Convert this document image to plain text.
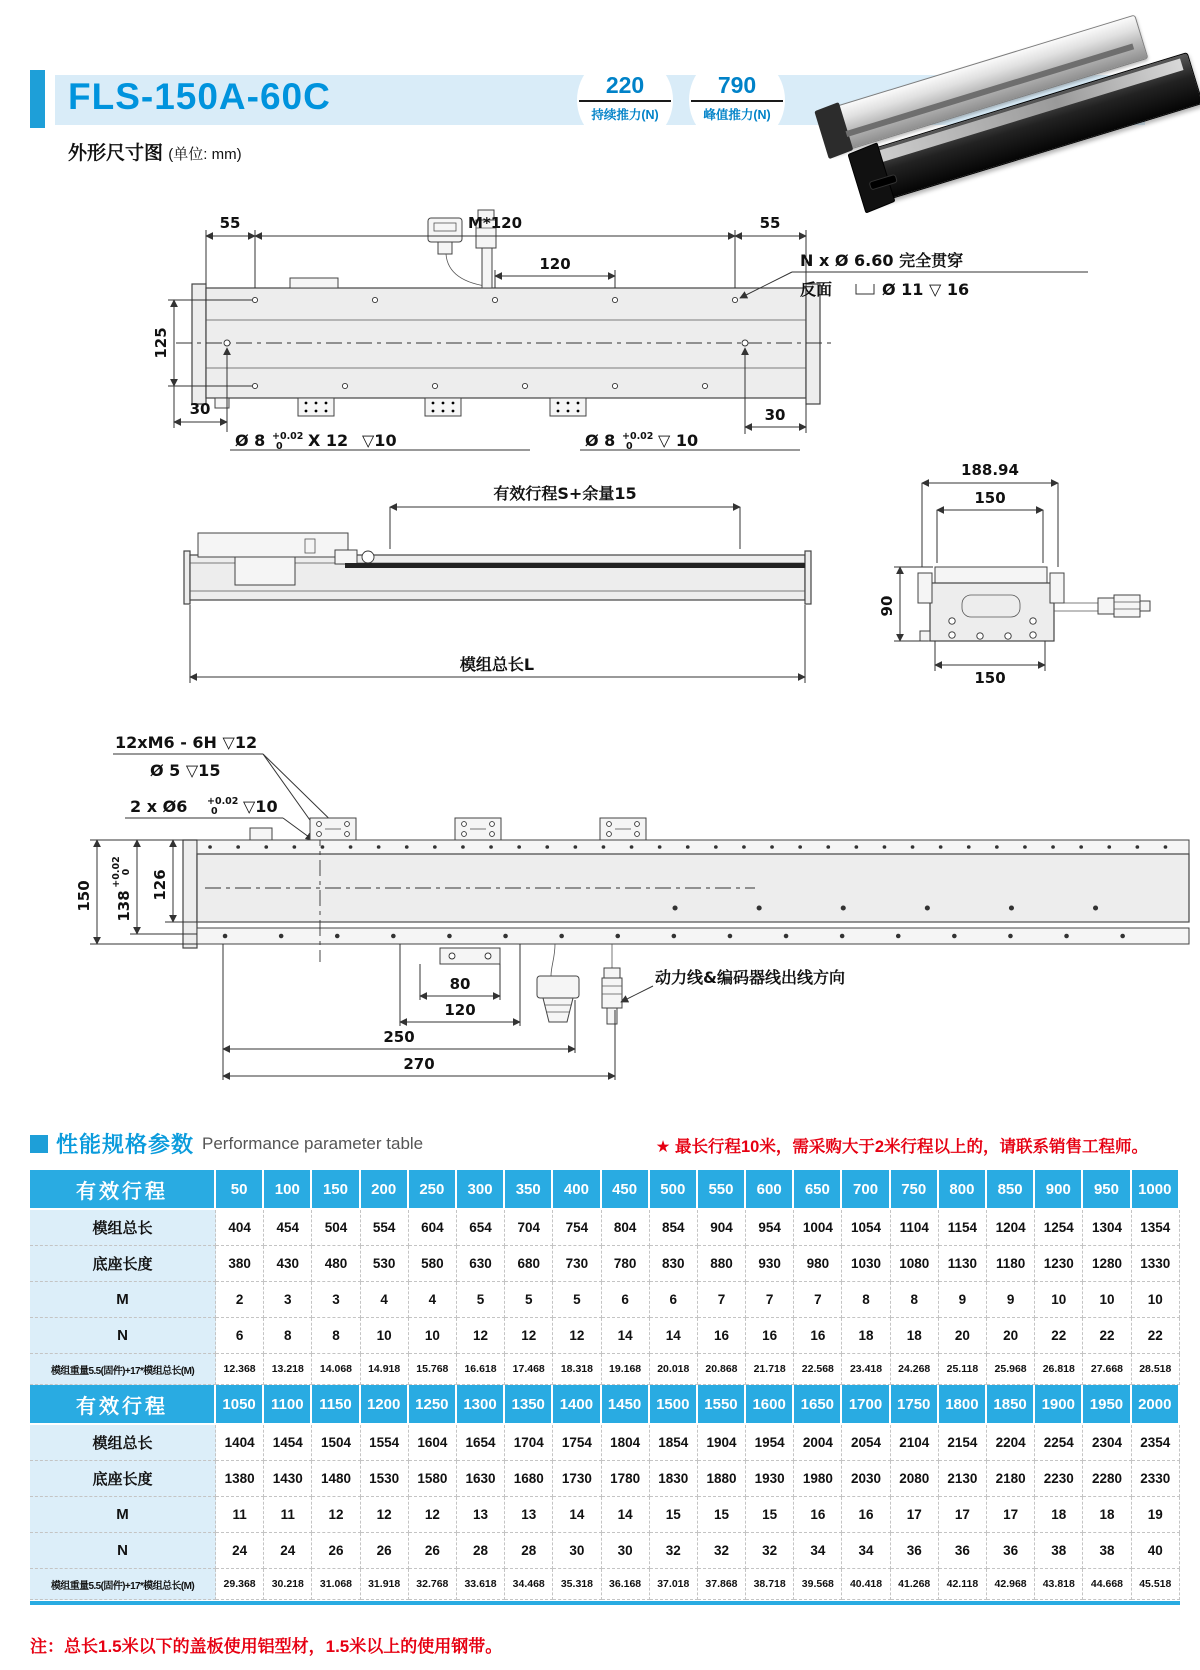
FLS-150A-60C	220
持续推力(N)
790
峰值推力(N)
外形尺寸图 (单位: mm)
55	M*120	55
120
125
30	30
N x Ø 6.60 完全贯穿
反面	Ø 11 ▽ 16
Ø 8 +0.02
0 X 12 ▽10	Ø 8 +0.02
0 ▽ 10
有效行程S+余量15
模组总长L
188.94
150
90
150
12xM6 - 6H ▽12
Ø 5 ▽15
2 x Ø6 +0.02
0 ▽10
150 138
+0.02 0 126
动力线&编码器线出线方向
80
120
250
270
性能规格参数 Performance parameter table	★ 最长行程10米，需采购大于2米行程以上的，请联系销售工程师。
有效行程	50	100	150	200	250	300	350	400	450	500	550	600	650	700	750	800	850	900	950	1000
模组总长	404	454	504	554	604	654	704	754	804	854	904	954	1004	1054	1104	1154	1204	1254	1304	1354
底座长度	380	430	480	530	580	630	680	730	780	830	880	930	980	1030	1080	1130	1180	1230	1280	1330
M	2	3	3	4	4	5	5	5	6	6	7	7	7	8	8	9	9	10	10	10
N	6	8	8	10	10	12	12	12	14	14	16	16	16	18	18	20	20	22	22	22
模组重量5.5(固件)+17*模组总长(M)	12.368	13.218	14.068	14.918	15.768	16.618	17.468	18.318	19.168	20.018	20.868	21.718	22.568	23.418	24.268	25.118	25.968	26.818	27.668	28.518
有效行程	1050	1100	1150	1200	1250	1300	1350	1400	1450	1500	1550	1600	1650	1700	1750	1800	1850	1900	1950	2000
模组总长	1404	1454	1504	1554	1604	1654	1704	1754	1804	1854	1904	1954	2004	2054	2104	2154	2204	2254	2304	2354
底座长度	1380	1430	1480	1530	1580	1630	1680	1730	1780	1830	1880	1930	1980	2030	2080	2130	2180	2230	2280	2330
M	11	11	12	12	12	13	13	14	14	15	15	15	16	16	17	17	17	18	18	19
N	24	24	26	26	26	28	28	30	30	32	32	32	34	34	36	36	36	38	38	40
模组重量5.5(固件)+17*模组总长(M)	29.368	30.218	31.068	31.918	32.768	33.618	34.468	35.318	36.168	37.018	37.868	38.718	39.568	40.418	41.268	42.118	42.968	43.818	44.668	45.518
注：总长1.5米以下的盖板使用铝型材，1.5米以上的使用钢带。
